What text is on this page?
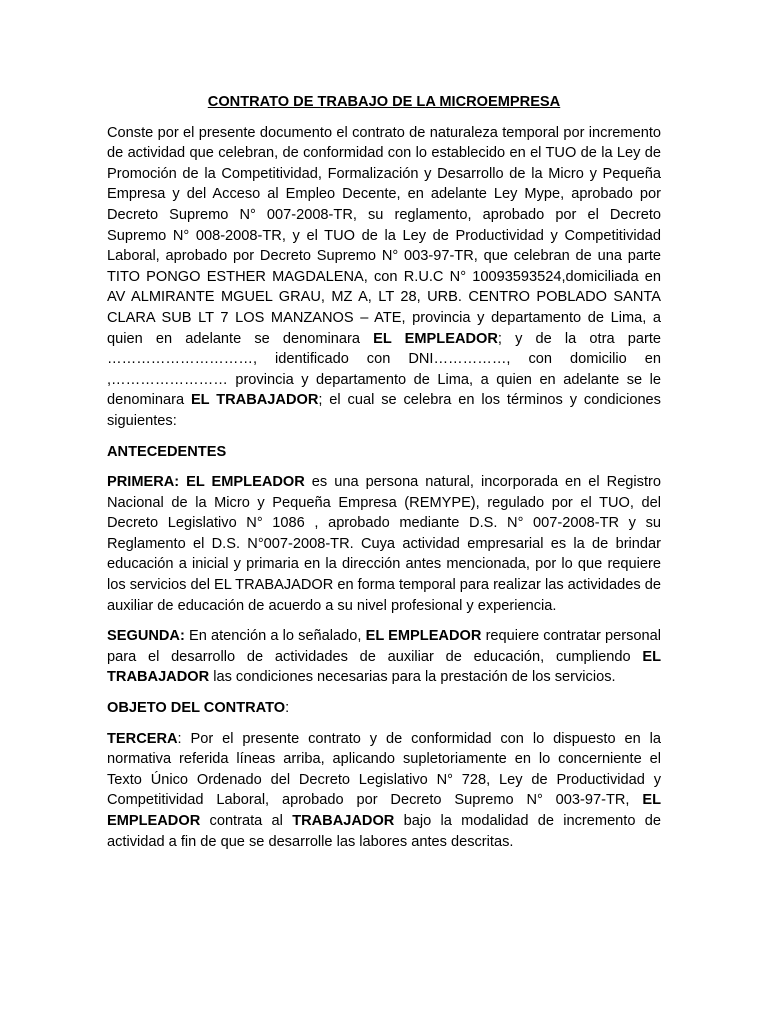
CONTRATO DE TRABAJO DE LA MICROEMPRESA

Conste por el presente documento el contrato de naturaleza temporal por incremento de actividad que celebran, de conformidad con lo establecido en el TUO de la Ley de Promoción de la Competitividad, Formalización y Desarrollo de la Micro y Pequeña Empresa y del Acceso al Empleo Decente, en adelante Ley Mype, aprobado por Decreto Supremo N° 007-2008-TR, su reglamento, aprobado por el Decreto Supremo N° 008-2008-TR, y el TUO de la Ley de Productividad y Competitividad Laboral, aprobado por Decreto Supremo N° 003-97-TR, que celebran de una parte TITO PONGO ESTHER MAGDALENA, con R.U.C N° 10093593524,domiciliada en AV ALMIRANTE MGUEL GRAU, MZ A, LT 28, URB. CENTRO POBLADO SANTA CLARA SUB LT 7 LOS MANZANOS – ATE, provincia y departamento de Lima, a quien en adelante se denominara EL EMPLEADOR; y de la otra parte …………………………, identificado con DNI……………, con domicilio en ,…………………… provincia y departamento de Lima, a quien en adelante se le denominara EL TRABAJADOR; el cual se celebra en los términos y condiciones siguientes:

ANTECEDENTES

PRIMERA: EL EMPLEADOR es una persona natural, incorporada en el Registro Nacional de la Micro y Pequeña Empresa (REMYPE), regulado por el TUO, del Decreto Legislativo N° 1086 , aprobado mediante D.S. N° 007-2008-TR y su Reglamento el D.S. N°007-2008-TR. Cuya actividad empresarial es la de brindar educación a inicial y primaria en la dirección antes mencionada, por lo que requiere los servicios del EL TRABAJADOR en forma temporal para realizar las actividades de auxiliar de educación de acuerdo a su nivel profesional y experiencia.

SEGUNDA: En atención a lo señalado, EL EMPLEADOR requiere contratar personal para el desarrollo de actividades de auxiliar de educación, cumpliendo EL TRABAJADOR las condiciones necesarias para la prestación de los servicios.

OBJETO DEL CONTRATO:

TERCERA: Por el presente contrato y de conformidad con lo dispuesto en la normativa referida líneas arriba, aplicando supletoriamente en lo concerniente el Texto Único Ordenado del Decreto Legislativo N° 728, Ley de Productividad y Competitividad Laboral, aprobado por Decreto Supremo N° 003-97-TR, EL EMPLEADOR contrata al TRABAJADOR bajo la modalidad de incremento de actividad a fin de que se desarrolle las labores antes descritas.
